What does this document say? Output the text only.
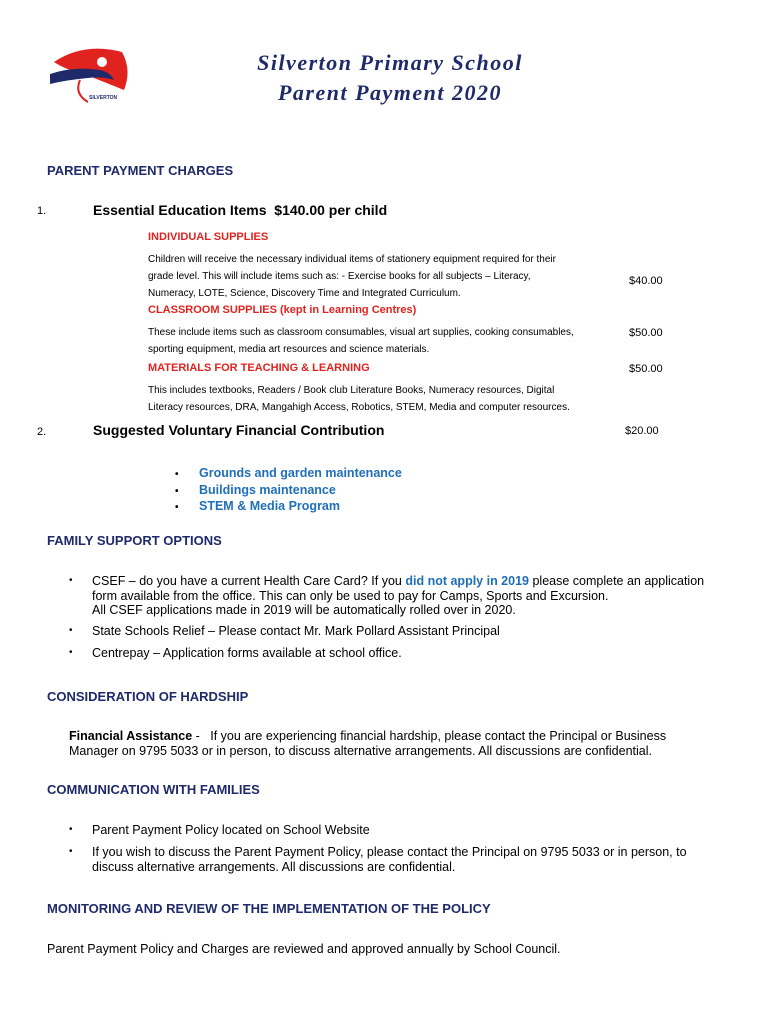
SILVERTON
Silverton Primary School
Parent Payment 2020
PARENT PAYMENT CHARGES
1.	Essential Education Items $140.00 per child
INDIVIDUAL SUPPLIES
Children will receive the necessary individual items of stationery equipment required for their
grade level. This will include items such as: - Exercise books for all subjects – Literacy,
Numeracy, LOTE, Science, Discovery Time and Integrated Curriculum.
$40.00
CLASSROOM SUPPLIES (kept in Learning Centres)
These include items such as classroom consumables, visual art supplies, cooking consumables,
sporting equipment, media art resources and science materials.
$50.00
MATERIALS FOR TEACHING & LEARNING	$50.00
This includes textbooks, Readers / Book club Literature Books, Numeracy resources, Digital
Literacy resources, DRA, Mangahigh Access, Robotics, STEM, Media and computer resources.
2.	Suggested Voluntary Financial Contribution	$20.00
• Grounds and garden maintenance
• Buildings maintenance
• STEM & Media Program
FAMILY SUPPORT OPTIONS
• CSEF – do you have a current Health Care Card? If you did not apply in 2019 please complete an application
form available from the office. This can only be used to pay for Camps, Sports and Excursion.
All CSEF applications made in 2019 will be automatically rolled over in 2020.
• State Schools Relief – Please contact Mr. Mark Pollard Assistant Principal
• Centrepay – Application forms available at school office.
CONSIDERATION OF HARDSHIP
Financial Assistance -   If you are experiencing financial hardship, please contact the Principal or Business
Manager on 9795 5033 or in person, to discuss alternative arrangements. All discussions are confidential.
COMMUNICATION WITH FAMILIES
• Parent Payment Policy located on School Website
• If you wish to discuss the Parent Payment Policy, please contact the Principal on 9795 5033 or in person, to
discuss alternative arrangements. All discussions are confidential.
MONITORING AND REVIEW OF THE IMPLEMENTATION OF THE POLICY
Parent Payment Policy and Charges are reviewed and approved annually by School Council.
